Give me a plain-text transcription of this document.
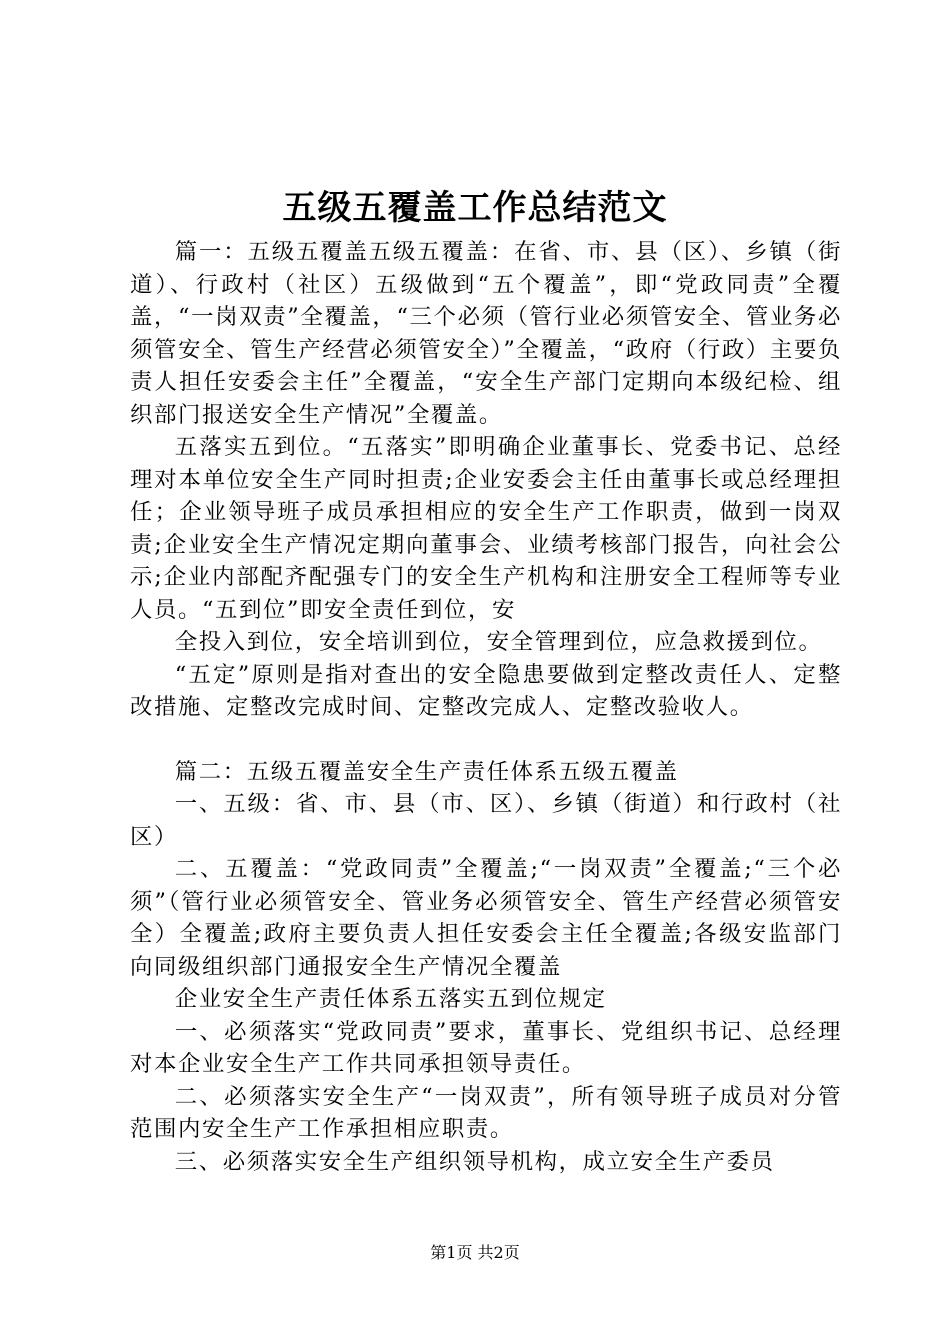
五级五覆盖工作总结范文

篇一：五级五覆盖五级五覆盖：在省、市、县（区）、乡镇（街道）、行政村（社区）五级做到“五个覆盖”，即“党政同责”全覆盖，“一岗双责”全覆盖，“三个必须（管行业必须管安全、管业务必须管安全、管生产经营必须管安全）”全覆盖，“政府（行政）主要负责人担任安委会主任”全覆盖，“安全生产部门定期向本级纪检、组织部门报送安全生产情况”全覆盖。

五落实五到位。“五落实”即明确企业董事长、党委书记、总经理对本单位安全生产同时担责;企业安委会主任由董事长或总经理担任；企业领导班子成员承担相应的安全生产工作职责，做到一岗双责;企业安全生产情况定期向董事会、业绩考核部门报告，向社会公示;企业内部配齐配强专门的安全生产机构和注册安全工程师等专业人员。“五到位”即安全责任到位，安

全投入到位，安全培训到位，安全管理到位，应急救援到位。

“五定”原则是指对查出的安全隐患要做到定整改责任人、定整改措施、定整改完成时间、定整改完成人、定整改验收人。

篇二：五级五覆盖安全生产责任体系五级五覆盖

一、五级：省、市、县（市、区）、乡镇（街道）和行政村（社区）

二、五覆盖：“党政同责”全覆盖;“一岗双责”全覆盖;“三个必须”（管行业必须管安全、管业务必须管安全、管生产经营必须管安全）全覆盖;政府主要负责人担任安委会主任全覆盖;各级安监部门向同级组织部门通报安全生产情况全覆盖

企业安全生产责任体系五落实五到位规定

一、必须落实“党政同责”要求，董事长、党组织书记、总经理对本企业安全生产工作共同承担领导责任。

二、必须落实安全生产“一岗双责”，所有领导班子成员对分管范围内安全生产工作承担相应职责。

三、必须落实安全生产组织领导机构，成立安全生产委员

第1页 共2页
